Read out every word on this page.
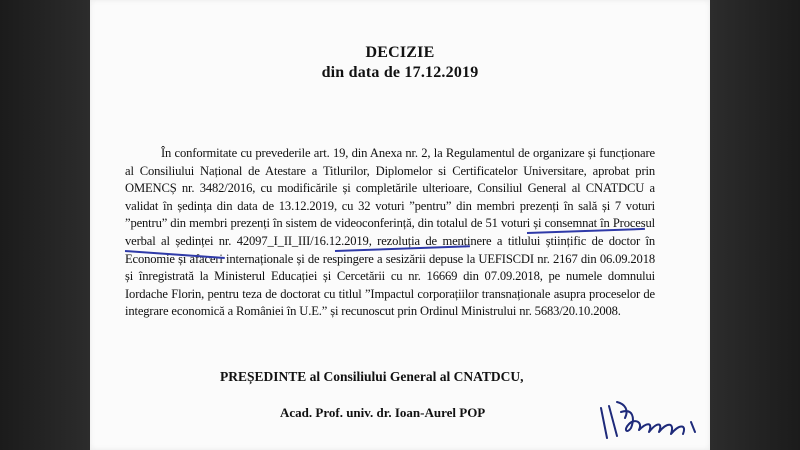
DECIZIE
din data de 17.12.2019
În conformitate cu prevederile art. 19, din Anexa nr. 2, la Regulamentul de organizare și funcționare al Consiliului Național de Atestare a Titlurilor, Diplomelor si Certificatelor Universitare, aprobat prin OMENCȘ nr. 3482/2016, cu modificările și completările ulterioare, Consiliul General al CNATDCU a validat în ședința din data de 13.12.2019, cu 32 voturi ”pentru” din membri prezenți în sală și 7 voturi ”pentru” din membri prezenți în sistem de videoconferință, din totalul de 51 voturi și consemnat în Procesul verbal al ședinței nr. 42097_I_II_III/16.12.2019, rezoluția de menținere a titlului științific de doctor în Economie și afaceri internaționale și de respingere a sesizării depuse la UEFISCDI nr. 2167 din 06.09.2018 și înregistrată la Ministerul Educației și Cercetării cu nr. 16669 din 07.09.2018, pe numele domnului Iordache Florin, pentru teza de doctorat cu titlul ”Impactul corporațiilor transnaționale asupra proceselor de integrare economică a României în U.E.” și recunoscut prin Ordinul Ministrului nr. 5683/20.10.2008.
PREȘEDINTE al Consiliului General al CNATDCU,
Acad. Prof. univ. dr. Ioan-Aurel POP
